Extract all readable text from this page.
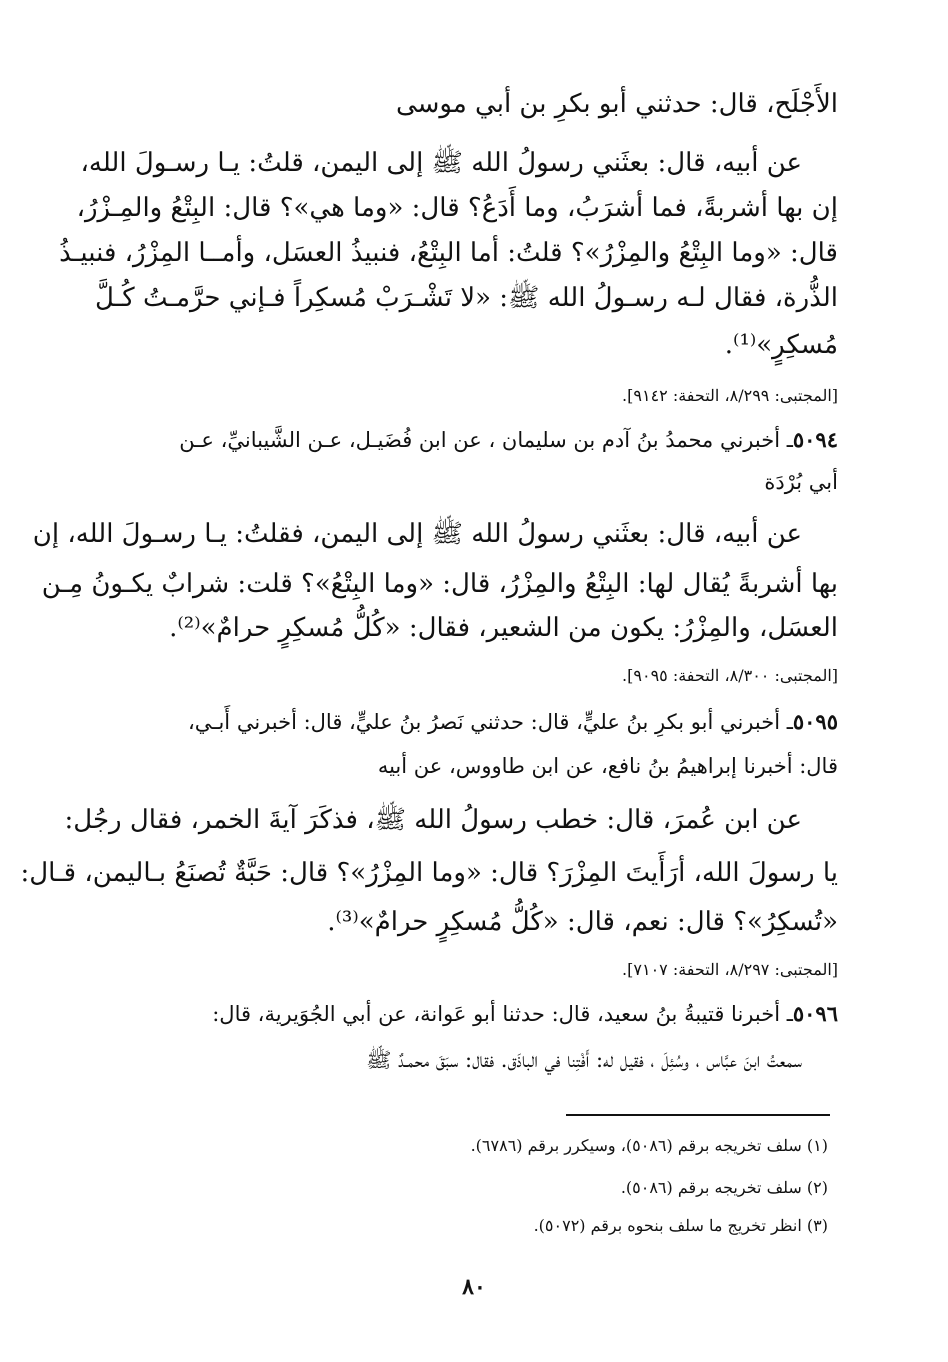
الأَجْلَح، قال: حدثني أبو بكرِ بن أبي موسى
عن أبيه، قال: بعثَني رسولُ الله ﷺ إلى اليمن، قلتُ: يـا رسـولَ الله،
إن بها أشربةً، فما أشرَبُ، وما أَدَعُ؟ قال: «وما هي»؟ قال: البِتْعُ والمِـزْرُ،
قال: «وما البِتْعُ والمِزْرُ»؟ قلتُ: أما البِتْعُ، فنبيذُ العسَل، وأمــا المِزْرُ، فنبيـذُ
الذُّرة، فقال لـه رسـولُ الله ﷺ: «لا تَشْـرَبْ مُسكِراً فـإني حرَّمـتُ كُـلَّ
مُسكِرٍ»⁽¹⁾.
[المجتبى: ٨/٢٩٩، التحفة: ٩١٤٢].
٥٠٩٤ـ أخبرني محمدُ بنُ آدم بن سليمان ، عن ابن فُضَيـل، عـن الشَّيبانيِّ، عـن
أبي بُرْدَة
عن أبيه، قال: بعثَني رسولُ الله ﷺ إلى اليمن، فقلتُ: يـا رسـولَ الله، إن
بها أشربةً يُقال لها: البِتْعُ والمِزْرُ، قال: «وما البِتْعُ»؟ قلت: شرابٌ يكـونُ مِـن
العسَل، والمِزْرُ: يكون من الشعير، فقال: «كُلُّ مُسكِرٍ حرامٌ»⁽²⁾.
[المجتبى: ٨/٣٠٠، التحفة: ٩٠٩٥].
٥٠٩٥ـ أخبرني أبو بكرِ بنُ عليٍّ، قال: حدثني نَصرُ بنُ عليٍّ، قال: أخبرني أَبـي،
قال: أخبرنا إبراهيمُ بنُ نافع، عن ابن طاووس، عن أبيه
عن ابن عُمرَ، قال: خطب رسولُ الله ﷺ، فذكَرَ آيةَ الخمر، فقال رجُل:
يا رسولَ الله، أرَأَيتَ المِزْرَ؟ قال: «وما المِزْرُ»؟ قال: حَبَّةٌ تُصنَعُ بـاليمن، قـال:
«تُسكِرُ»؟ قال: نعم، قال: «كُلُّ مُسكِرٍ حرامٌ»⁽³⁾.
[المجتبى: ٨/٢٩٧، التحفة: ٧١٠٧].
٥٠٩٦ـ أخبرنا قتيبةُ بنُ سعيد، قال: حدثنا أبو عَوانة، عن أبي الجُوَيرية، قال:
سمعتُ ابنَ عبَّاس ، وسُئِلَ ، فقيل له: أَفْتِنا في الباذَق. فقال: سبَقَ محمـدٌ ﷺ
(١) سلف تخريجه برقم (٥٠٨٦)، وسيكرر برقم (٦٧٨٦).
(٢) سلف تخريجه برقم (٥٠٨٦).
(٣) انظر تخريج ما سلف بنحوه برقم (٥٠٧٢).
٨٠
